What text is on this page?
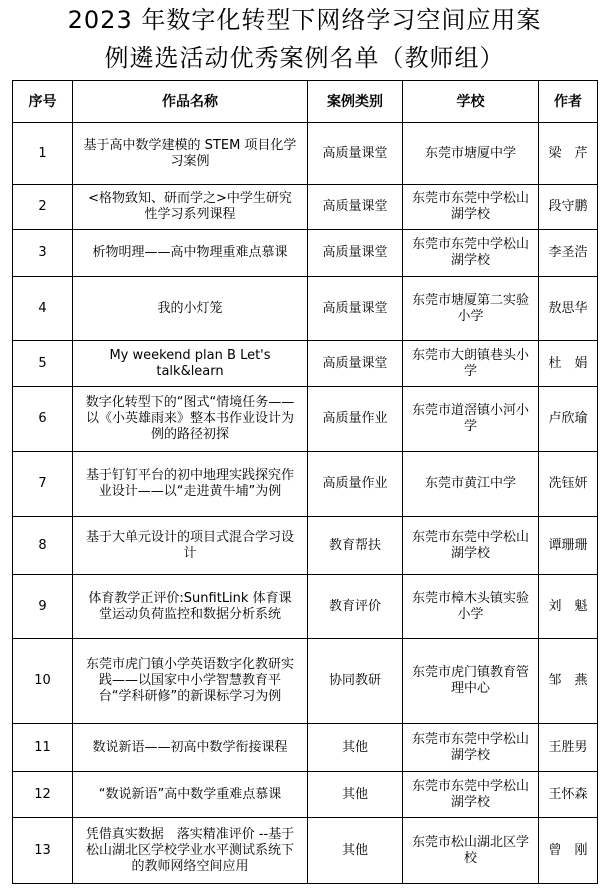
2023 年数字化转型下网络学习空间应用案
例遴选活动优秀案例名单（教师组）
序号	作品名称	案例类别	学校	作者
1	基于高中数学建模的 STEM 项目化学习案例	高质量课堂	东莞市塘厦中学	梁　芹
2	<格物致知、研而学之>中学生研究性学习系列课程	高质量课堂	东莞市东莞中学松山湖学校	段守鹏
3	析物明理——高中物理重难点慕课	高质量课堂	东莞市东莞中学松山湖学校	李圣浩
4	我的小灯笼	高质量课堂	东莞市塘厦第二实验小学	敖思华
5	My weekend plan B Let's talk&learn	高质量课堂	东莞市大朗镇巷头小学	杜　娟
6	数字化转型下的“图式“情境任务——以《小英雄雨来》整本书作业设计为例的路径初探	高质量作业	东莞市道滘镇小河小学	卢欣瑜
7	基于钉钉平台的初中地理实践探究作业设计——以“走进黄牛埔”为例	高质量作业	东莞市黄江中学	冼钰妍
8	基于大单元设计的项目式混合学习设计	教育帮扶	东莞市东莞中学松山湖学校	谭珊珊
9	体育教学正评价:SunfitLink 体育课堂运动负荷监控和数据分析系统	教育评价	东莞市樟木头镇实验小学	刘　魁
10	东莞市虎门镇小学英语数字化教研实践——以国家中小学智慧教育平台“学科研修”的新课标学习为例	协同教研	东莞市虎门镇教育管理中心	邹　燕
11	数说新语——初高中数学衔接课程	其他	东莞市东莞中学松山湖学校	王胜男
12	“数说新语”高中数学重难点慕课	其他	东莞市东莞中学松山湖学校	王怀森
13	凭借真实数据　落实精准评价 --基于松山湖北区学校学业水平测试系统下的教师网络空间应用	其他	东莞市松山湖北区学校	曾　刚
